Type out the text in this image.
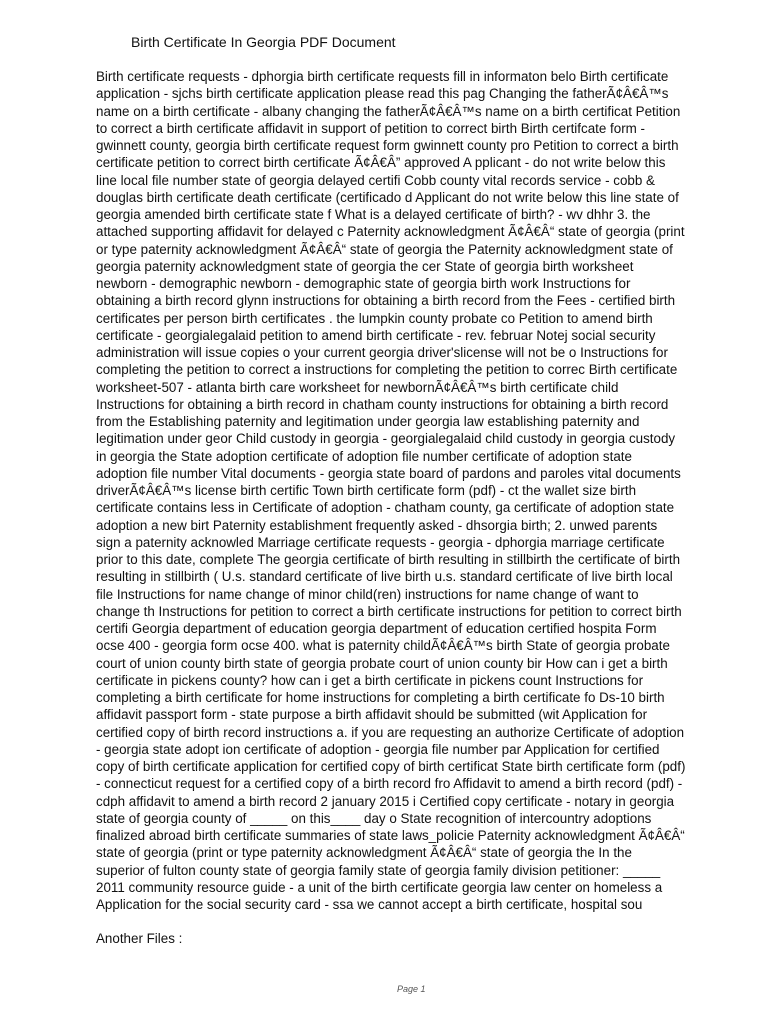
Birth Certificate In Georgia PDF Document
Birth certificate requests - dphorgia birth certificate requests fill in informaton belo Birth certificate
application - sjchs birth certificate application please read this pag Changing the fatherÃ¢Â€Â™s
name on a birth certificate - albany changing the fatherÃ¢Â€Â™s name on a birth certificat Petition
to correct a birth certificate affidavit in support of petition to correct birth Birth certifcate form -
gwinnett county, georgia birth certificate request form gwinnett county pro Petition to correct a birth
certificate petition to correct birth certificate Ã¢Â€Â” approved A pplicant - do not write below this
line local file number state of georgia delayed certifi Cobb county vital records service - cobb &
douglas birth certificate death certificate (certificado d Applicant do not write below this line state of
georgia amended birth certificate state f What is a delayed certificate of birth? - wv dhhr 3. the
attached supporting affidavit for delayed c Paternity acknowledgment Ã¢Â€Â“ state of georgia (print
or type paternity acknowledgment Ã¢Â€Â“ state of georgia the Paternity acknowledgment state of
georgia paternity acknowledgment state of georgia the cer State of georgia birth worksheet
newborn - demographic newborn - demographic state of georgia birth work Instructions for
obtaining a birth record glynn instructions for obtaining a birth record from the Fees - certified birth
certificates per person birth certificates . the lumpkin county probate co Petition to amend birth
certificate - georgialegalaid petition to amend birth certificate - rev. februar Notej social security
administration will issue copies o your current georgia driver'slicense will not be o Instructions for
completing the petition to correct a instructions for completing the petition to correc Birth certificate
worksheet-507 - atlanta birth care worksheet for newbornÃ¢Â€Â™s birth certificate child
Instructions for obtaining a birth record in chatham county instructions for obtaining a birth record
from the Establishing paternity and legitimation under georgia law establishing paternity and
legitimation under geor Child custody in georgia - georgialegalaid child custody in georgia custody
in georgia the State adoption certificate of adoption file number certificate of adoption state
adoption file number Vital documents - georgia state board of pardons and paroles vital documents
driverÃ¢Â€Â™s license birth certific Town birth certificate form (pdf) - ct the wallet size birth
certificate contains less in Certificate of adoption - chatham county, ga certificate of adoption state
adoption a new birt Paternity establishment frequently asked - dhsorgia birth; 2. unwed parents
sign a paternity acknowled Marriage certificate requests - georgia - dphorgia marriage certificate
prior to this date, complete The georgia certificate of birth resulting in stillbirth the certificate of birth
resulting in stillbirth ( U.s. standard certificate of live birth u.s. standard certificate of live birth local
file Instructions for name change of minor child(ren) instructions for name change of want to
change th Instructions for petition to correct a birth certificate instructions for petition to correct birth
certifi Georgia department of education georgia department of education certified hospita Form
ocse 400 - georgia form ocse 400. what is paternity childÃ¢Â€Â™s birth State of georgia probate
court of union county birth state of georgia probate court of union county bir How can i get a birth
certificate in pickens county? how can i get a birth certificate in pickens count Instructions for
completing a birth certificate for home instructions for completing a birth certificate fo Ds-10 birth
affidavit passport form - state purpose a birth affidavit should be submitted (wit Application for
certified copy of birth record instructions a. if you are requesting an authorize Certificate of adoption
- georgia state adopt ion certificate of adoption - georgia file number par Application for certified
copy of birth certificate application for certified copy of birth certificat State birth certificate form (pdf)
- connecticut request for a certified copy of a birth record fro Affidavit to amend a birth record (pdf) -
cdph affidavit to amend a birth record 2 january 2015 i Certified copy certificate - notary in georgia
state of georgia county of _____ on this____ day o State recognition of intercountry adoptions
finalized abroad birth certificate summaries of state laws_policie Paternity acknowledgment Ã¢Â€Â“
state of georgia (print or type paternity acknowledgment Ã¢Â€Â“ state of georgia the In the
superior of fulton county state of georgia family state of georgia family division petitioner: _____
2011 community resource guide - a unit of the birth certificate georgia law center on homeless a
Application for the social security card - ssa we cannot accept a birth certificate, hospital sou
Another Files :
Page 1
